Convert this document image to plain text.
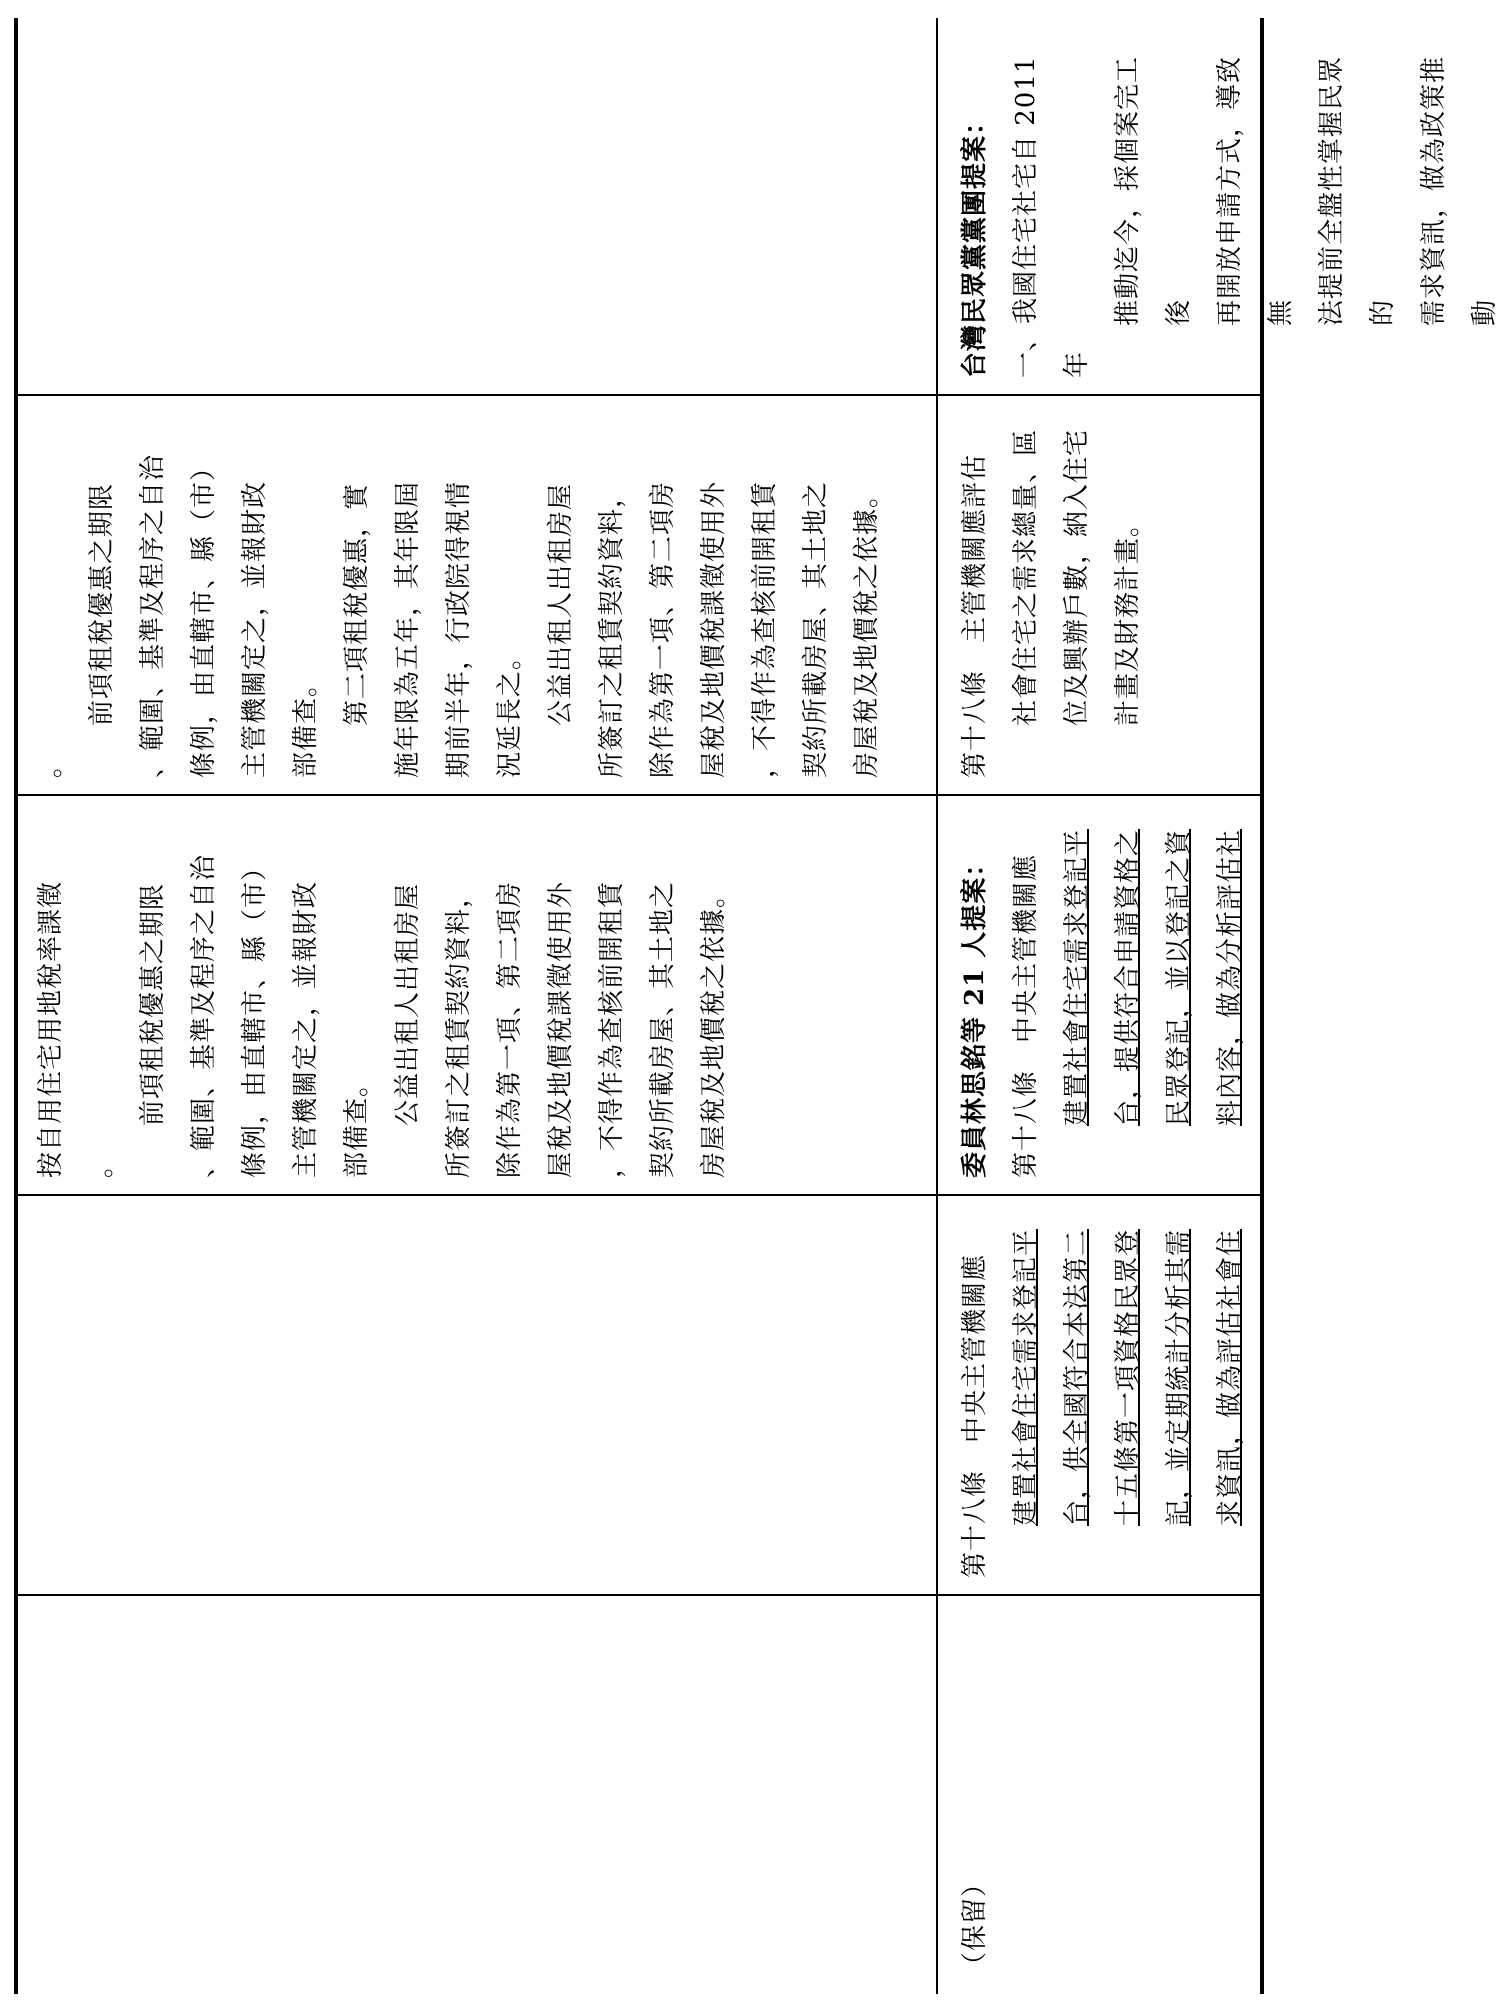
（保留）

第十八條　中央主管機關應 建置社會住宅需求登記平 台，供全國符合本法第二 十五條第一項資格民眾登 記，並定期統計分析其需 求資訊，做為評估社會住

按自用住宅用地稅率課徵 。

前項租稅優惠之期限 、範圍、基準及程序之自治 條例，由直轄市、縣（市） 主管機關定之，並報財政 部備查。 公益出租人出租房屋 所簽訂之租賃契約資料， 除作為第一項、第二項房 屋稅及地價稅課徵使用外 ，不得作為查核前開租賃 契約所載房屋、其土地之 房屋稅及地價稅之依據。	委員林思銘等 21 人提案： 第十八條　中央主管機關應 建置社會住宅需求登記平 台，提供符合申請資格之 民眾登記，並以登記之資 料內容，做為分析評估社

。

前項租稅優惠之期限 、範圍、基準及程序之自治 條例，由直轄市、縣（市） 主管機關定之，並報財政 部備查。 第二項租稅優惠，實 施年限為五年，其年限屆 期前半年，行政院得視情 況延長之。 公益出租人出租房屋 所簽訂之租賃契約資料， 除作為第一項、第二項房 屋稅及地價稅課徵使用外 ，不得作為查核前開租賃 契約所載房屋、其土地之 房屋稅及地價稅之依據。	第十八條　主管機關應評估 社會住宅之需求總量、區 位及興辦戶數，納入住宅 計畫及財務計畫。

台灣民眾黨黨團提案： 一、我國住宅社宅自 2011 年

推動迄今，採個案完工後 再開放申請方式，導致無 法提前全盤性掌握民眾的 需求資訊，做為政策推動
